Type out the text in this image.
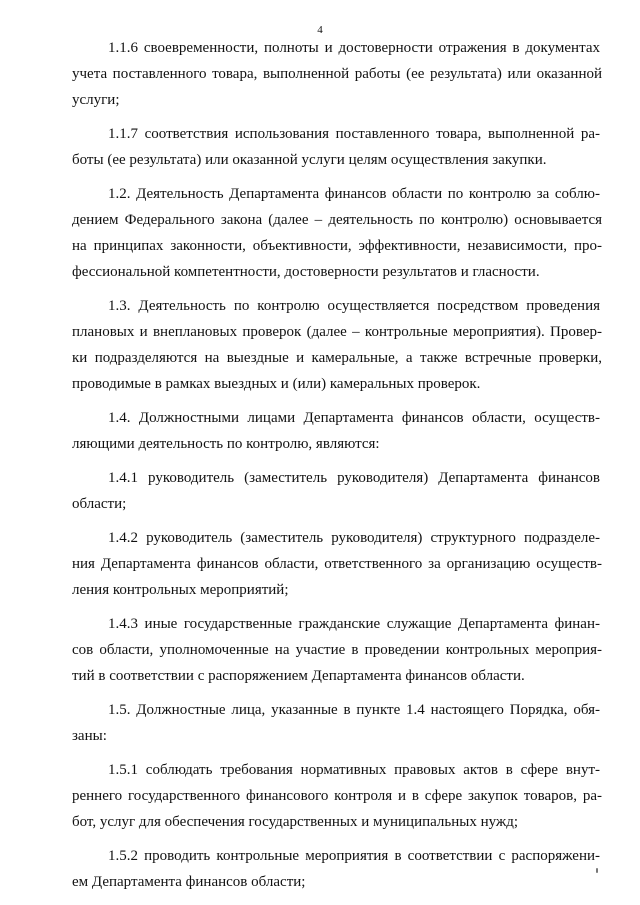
4
1.1.6 своевременности, полноты и достоверности отражения в документах
учета поставленного товара, выполненной работы (ее результата) или оказанной
услуги;
1.1.7 соответствия использования поставленного товара, выполненной ра-
боты (ее результата) или оказанной услуги целям осуществления закупки.
1.2. Деятельность Департамента финансов области по контролю за соблю-
дением Федерального закона (далее – деятельность по контролю) основывается
на принципах законности, объективности, эффективности, независимости, про-
фессиональной компетентности, достоверности результатов и гласности.
1.3. Деятельность по контролю осуществляется посредством проведения
плановых и внеплановых проверок (далее – контрольные мероприятия). Провер-
ки подразделяются на выездные и камеральные, а также встречные проверки,
проводимые в рамках выездных и (или) камеральных проверок.
1.4. Должностными лицами Департамента финансов области, осуществ-
ляющими деятельность по контролю, являются:
1.4.1 руководитель (заместитель руководителя) Департамента финансов
области;
1.4.2 руководитель (заместитель руководителя) структурного подразделе-
ния Департамента финансов области, ответственного за организацию осуществ-
ления контрольных мероприятий;
1.4.3 иные государственные гражданские служащие Департамента финан-
сов области, уполномоченные на участие в проведении контрольных мероприя-
тий в соответствии с распоряжением Департамента финансов области.
1.5. Должностные лица, указанные в пункте 1.4 настоящего Порядка, обя-
заны:
1.5.1 соблюдать требования нормативных правовых актов в сфере внут-
реннего государственного финансового контроля и в сфере закупок товаров, ра-
бот, услуг для обеспечения государственных и муниципальных нужд;
1.5.2 проводить контрольные мероприятия в соответствии с распоряжени-
ем Департамента финансов области;
